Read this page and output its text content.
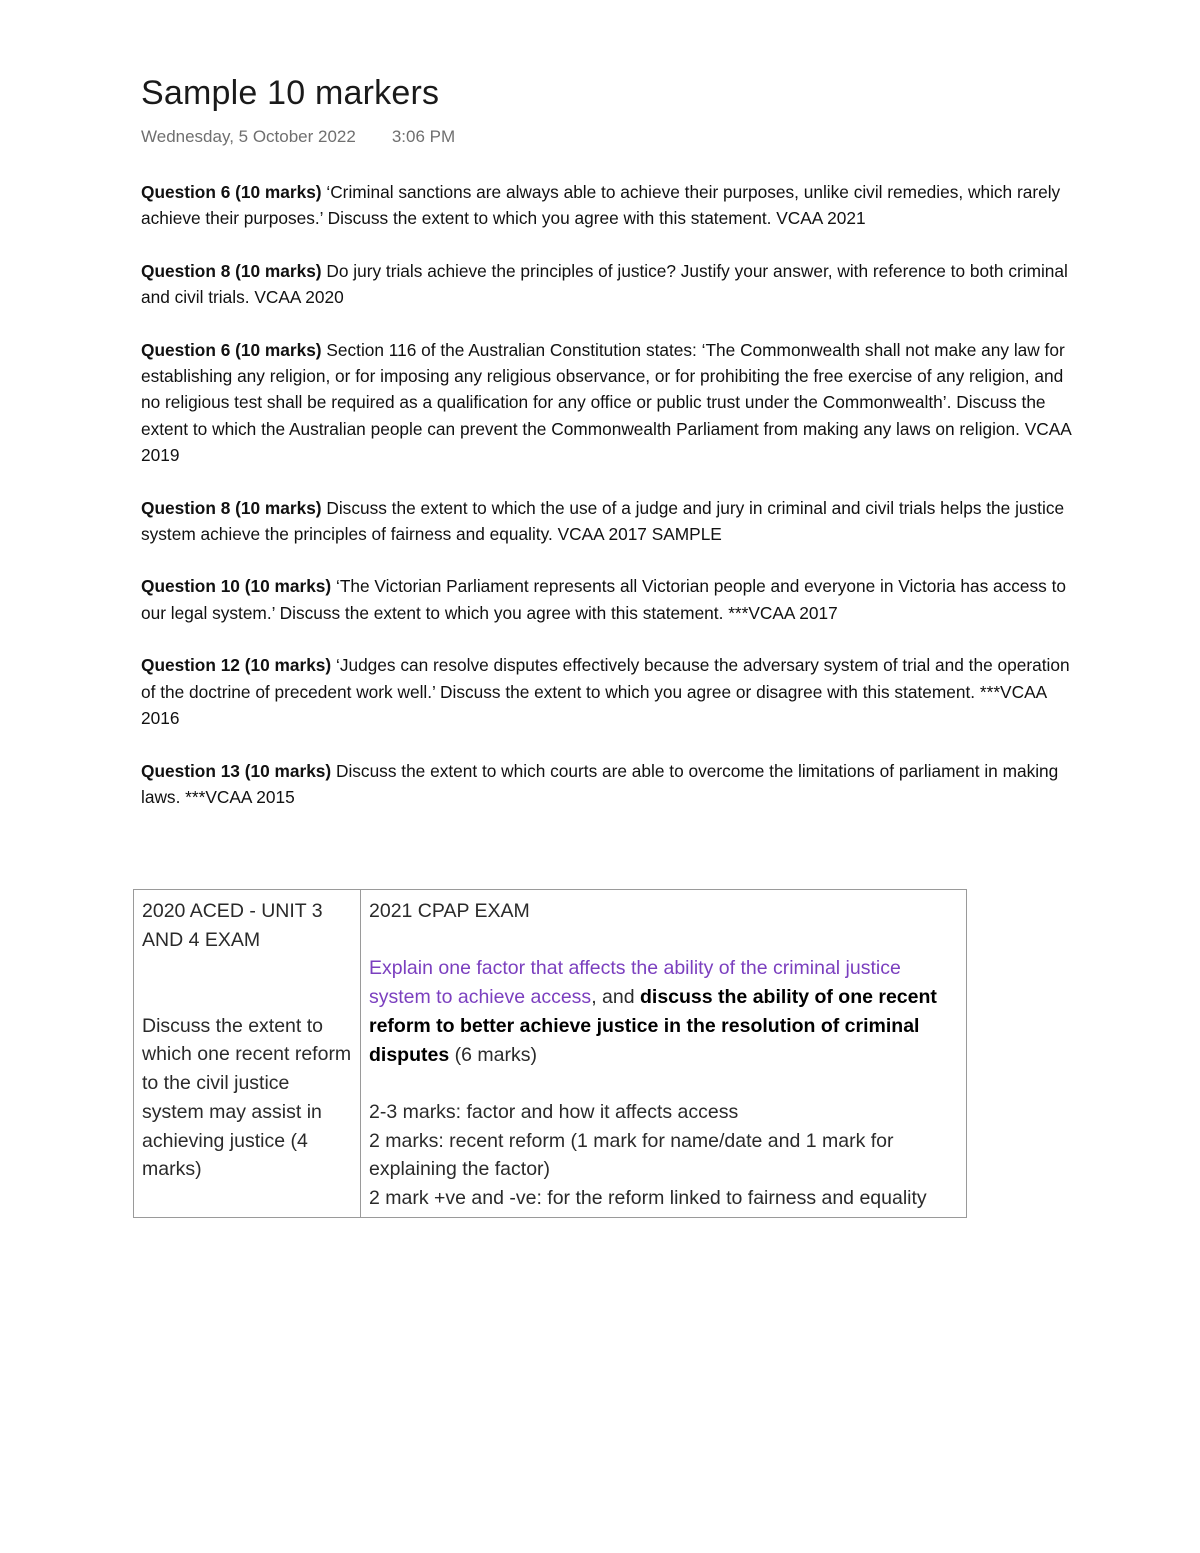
Sample 10 markers
Wednesday, 5 October 2022 3:06 PM

Question 6 (10 marks) ‘Criminal sanctions are always able to achieve their purposes, unlike civil remedies, which rarely achieve their purposes.’ Discuss the extent to which you agree with this statement. VCAA 2021

Question 8 (10 marks) Do jury trials achieve the principles of justice? Justify your answer, with reference to both criminal and civil trials. VCAA 2020

Question 6 (10 marks) Section 116 of the Australian Constitution states: ‘The Commonwealth shall not make any law for establishing any religion, or for imposing any religious observance, or for prohibiting the free exercise of any religion, and no religious test shall be required as a qualification for any office or public trust under the Commonwealth’. Discuss the extent to which the Australian people can prevent the Commonwealth Parliament from making any laws on religion. VCAA 2019

Question 8 (10 marks) Discuss the extent to which the use of a judge and jury in criminal and civil trials helps the justice system achieve the principles of fairness and equality. VCAA 2017 SAMPLE

Question 10 (10 marks) ‘The Victorian Parliament represents all Victorian people and everyone in Victoria has access to our legal system.’ Discuss the extent to which you agree with this statement. ***VCAA 2017

Question 12 (10 marks) ‘Judges can resolve disputes effectively because the adversary system of trial and the operation of the doctrine of precedent work well.’ Discuss the extent to which you agree or disagree with this statement. ***VCAA 2016

Question 13 (10 marks) Discuss the extent to which courts are able to overcome the limitations of parliament in making laws. ***VCAA 2015

2020 ACED - UNIT 3 AND 4 EXAM
Discuss the extent to which one recent reform to the civil justice system may assist in achieving justice (4 marks)

2021 CPAP EXAM
Explain one factor that affects the ability of the criminal justice system to achieve access, and discuss the ability of one recent reform to better achieve justice in the resolution of criminal disputes (6 marks)
2-3 marks: factor and how it affects access
2 marks: recent reform (1 mark for name/date and 1 mark for explaining the factor)
2 mark +ve and -ve: for the reform linked to fairness and equality
